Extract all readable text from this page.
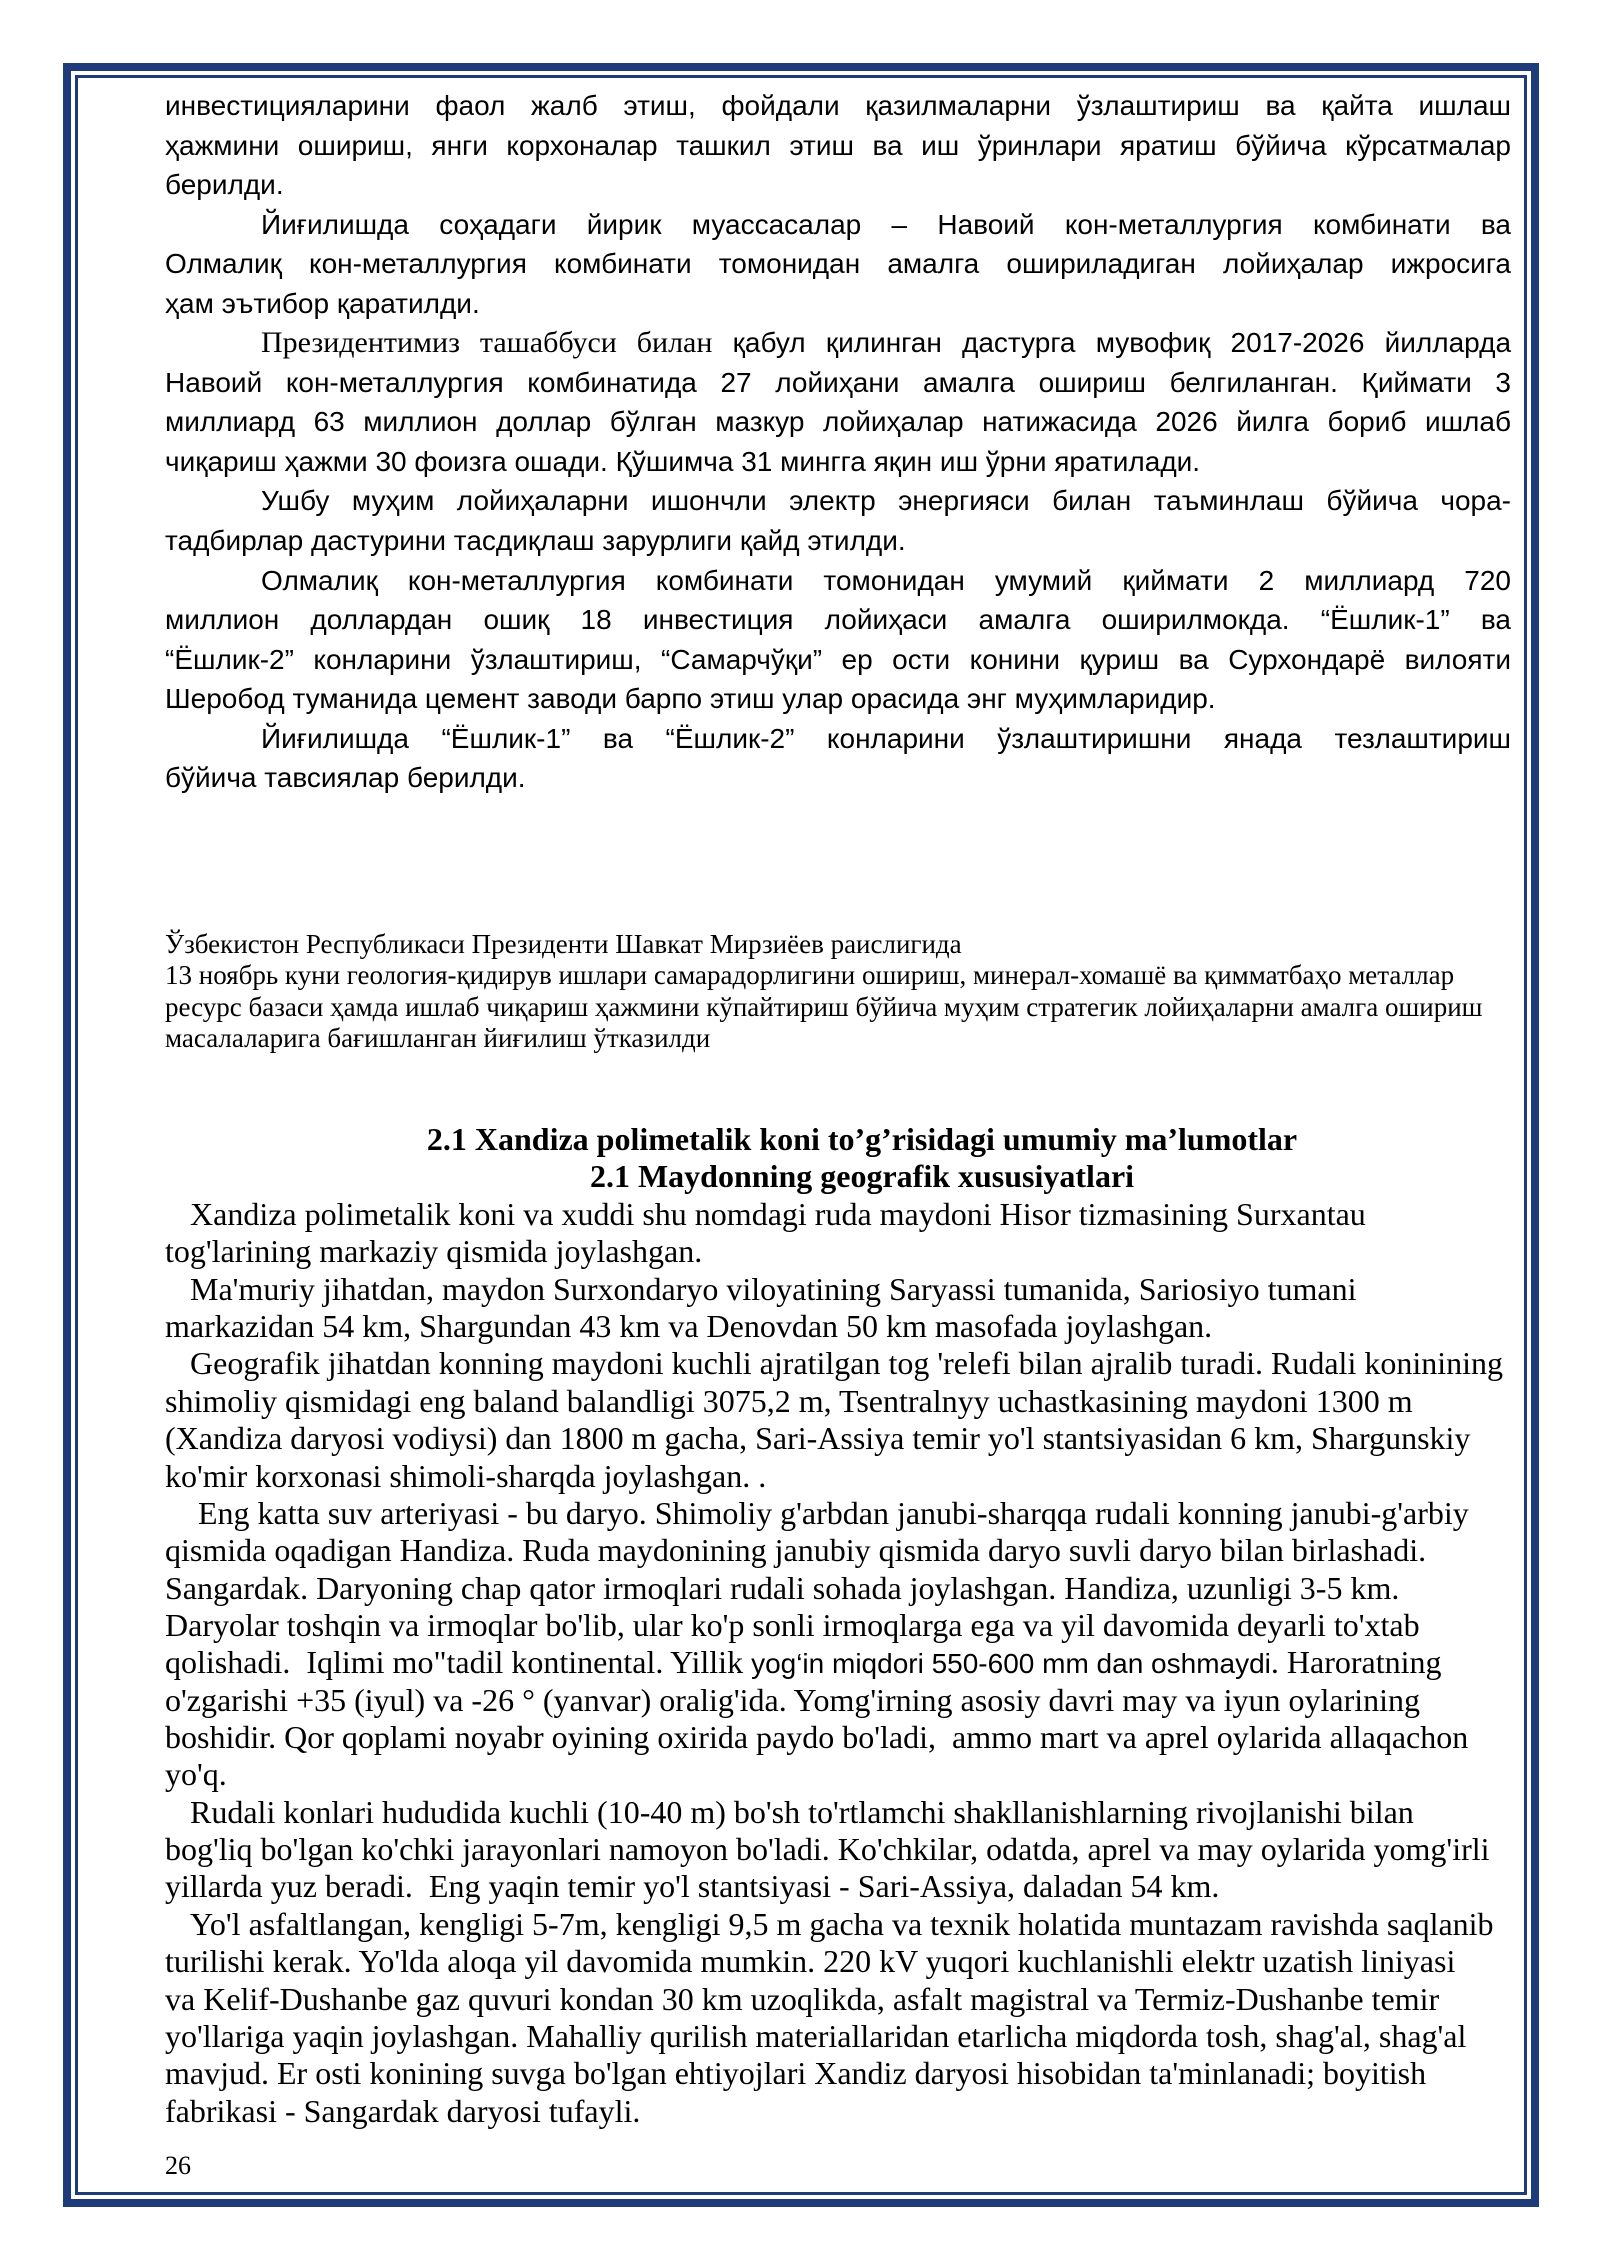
инвестицияларини фаол жалб этиш, фойдали қазилмаларни ўзлаштириш ва қайта ишлаш
ҳажмини ошириш, янги корхоналар ташкил этиш ва иш ўринлари яратиш бўйича кўрсатмалар
берилди.
Йиғилишда соҳадаги йирик муассасалар – Навоий кон-металлургия комбинати ва
Олмалиқ кон-металлургия комбинати томонидан амалга ошириладиган лойиҳалар ижросига
ҳам эътибор қаратилди.
Президентимиз ташаббуси билан қабул қилинган дастурга мувофиқ 2017-2026 йилларда
Навоий кон-металлургия комбинатида 27 лойиҳани амалга ошириш белгиланган. Қиймати 3
миллиард 63 миллион доллар бўлган мазкур лойиҳалар натижасида 2026 йилга бориб ишлаб
чиқариш ҳажми 30 фоизга ошади. Қўшимча 31 мингга яқин иш ўрни яратилади.
Ушбу муҳим лойиҳаларни ишончли электр энергияси билан таъминлаш бўйича чора-
тадбирлар дастурини тасдиқлаш зарурлиги қайд этилди.
Олмалиқ кон-металлургия комбинати томонидан умумий қиймати 2 миллиард 720
миллион доллардан ошиқ 18 инвестиция лойиҳаси амалга оширилмокда. “Ёшлик-1” ва
“Ёшлик-2” конларини ўзлаштириш, “Самарчўқи” ер ости конини қуриш ва Сурхондарё вилояти
Шеробод туманида цемент заводи барпо этиш улар орасида энг муҳимларидир.
Йиғилишда “Ёшлик-1” ва “Ёшлик-2” конларини ўзлаштиришни янада тезлаштириш
бўйича тавсиялар берилди.
Ўзбекистон Республикаси Президенти Шавкат Мирзиёев раислигида
13 ноябрь куни геология-қидирув ишлари самарадорлигини ошириш, минерал-хомашё ва қимматбаҳо металлар
ресурс базаси ҳамда ишлаб чиқариш ҳажмини кўпайтириш бўйича муҳим стратегик лойиҳаларни амалга ошириш
масалаларига бағишланган йиғилиш ўтказилди
2.1 Xandiza polimetalik koni to’g’risidagi umumiy ma’lumotlar
2.1 Maydonning geografik xususiyatlari
Xandiza polimetalik koni va xuddi shu nomdagi ruda maydoni Hisor tizmasining Surxantau
tog'larining markaziy qismida joylashgan.
Ma'muriy jihatdan, maydon Surxondaryo viloyatining Saryassi tumanida, Sariosiyo tumani
markazidan 54 km, Shargundan 43 km va Denovdan 50 km masofada joylashgan.
Geografik jihatdan konning maydoni kuchli ajratilgan tog 'relefi bilan ajralib turadi. Rudali koninining
shimoliy qismidagi eng baland balandligi 3075,2 m, Tsentralnyy uchastkasining maydoni 1300 m
(Xandiza daryosi vodiysi) dan 1800 m gacha, Sari-Assiya temir yo'l stantsiyasidan 6 km, Shargunskiy
ko'mir korxonasi shimoli-sharqda joylashgan. .
Eng katta suv arteriyasi - bu daryo. Shimoliy g'arbdan janubi-sharqqa rudali konning janubi-g'arbiy
qismida oqadigan Handiza. Ruda maydonining janubiy qismida daryo suvli daryo bilan birlashadi.
Sangardak. Daryoning chap qator irmoqlari rudali sohada joylashgan. Handiza, uzunligi 3-5 km.
Daryolar toshqin va irmoqlar bo'lib, ular ko'p sonli irmoqlarga ega va yil davomida deyarli to'xtab
qolishadi.  Iqlimi mo"tadil kontinental. Yillik yog‘in miqdori 550-600 mm dan oshmaydi. Haroratning
o'zgarishi +35 (iyul) va -26 ° (yanvar) oralig'ida. Yomg'irning asosiy davri may va iyun oylarining
boshidir. Qor qoplami noyabr oyining oxirida paydo bo'ladi,  ammo mart va aprel oylarida allaqachon
yo'q.
Rudali konlari hududida kuchli (10-40 m) bo'sh to'rtlamchi shakllanishlarning rivojlanishi bilan
bog'liq bo'lgan ko'chki jarayonlari namoyon bo'ladi. Ko'chkilar, odatda, aprel va may oylarida yomg'irli
yillarda yuz beradi.  Eng yaqin temir yo'l stantsiyasi - Sari-Assiya, daladan 54 km.
Yo'l asfaltlangan, kengligi 5-7m, kengligi 9,5 m gacha va texnik holatida muntazam ravishda saqlanib
turilishi kerak. Yo'lda aloqa yil davomida mumkin. 220 kV yuqori kuchlanishli elektr uzatish liniyasi
va Kelif-Dushanbe gaz quvuri kondan 30 km uzoqlikda, asfalt magistral va Termiz-Dushanbe temir
yo'llariga yaqin joylashgan. Mahalliy qurilish materiallaridan etarlicha miqdorda tosh, shag'al, shag'al
mavjud. Er osti konining suvga bo'lgan ehtiyojlari Xandiz daryosi hisobidan ta'minlanadi; boyitish
fabrikasi - Sangardak daryosi tufayli.
26
